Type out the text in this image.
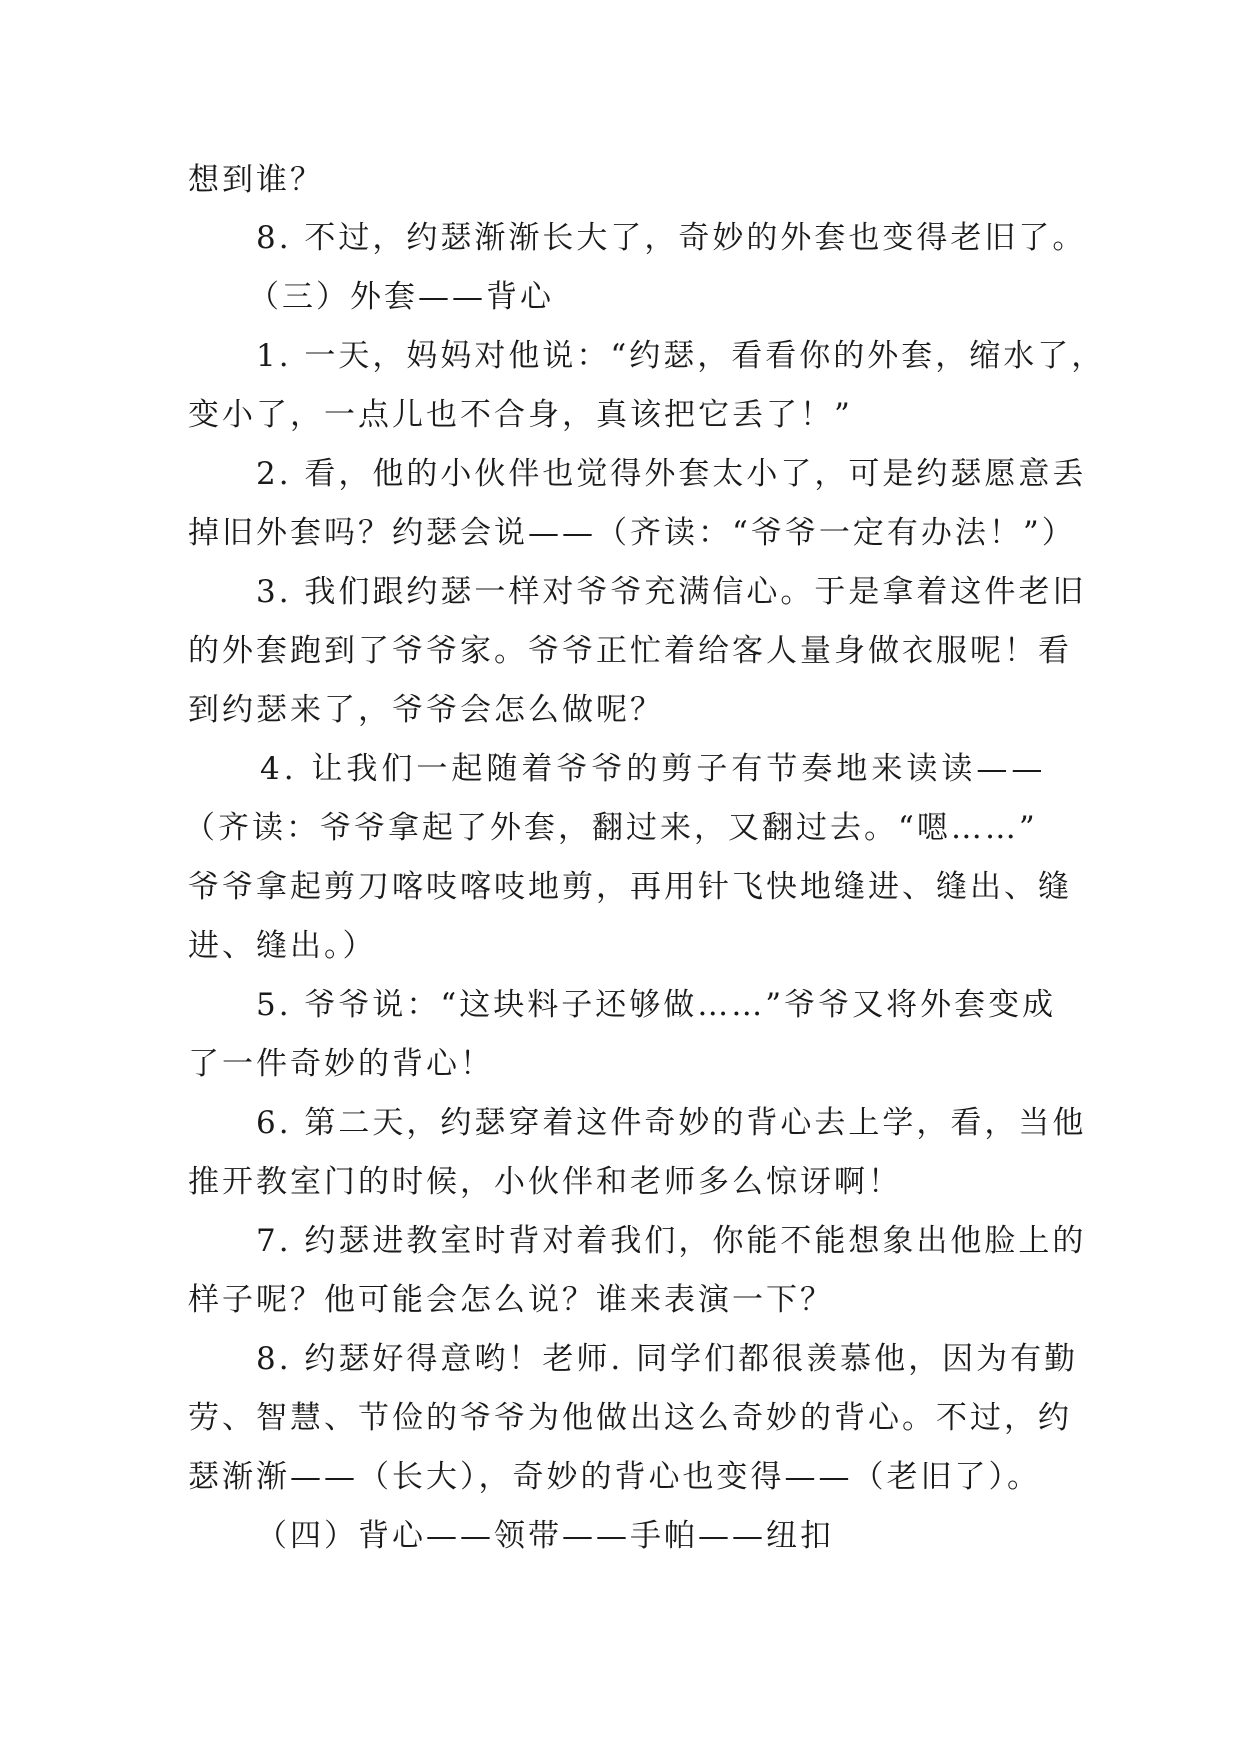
想到谁？
8. 不过，约瑟渐渐长大了，奇妙的外套也变得老旧了。
（三）外套——背心
1. 一天，妈妈对他说：“约瑟，看看你的外套，缩水了，
变小了，一点儿也不合身，真该把它丢了！”
2. 看，他的小伙伴也觉得外套太小了，可是约瑟愿意丢
掉旧外套吗？约瑟会说——（齐读：“爷爷一定有办法！”）
3. 我们跟约瑟一样对爷爷充满信心。于是拿着这件老旧
的外套跑到了爷爷家。爷爷正忙着给客人量身做衣服呢！看
到约瑟来了，爷爷会怎么做呢？
4. 让我们一起随着爷爷的剪子有节奏地来读读——
（齐读：爷爷拿起了外套，翻过来，又翻过去。“嗯……”
爷爷拿起剪刀喀吱喀吱地剪，再用针飞快地缝进、缝出、缝
进、缝出。）
5. 爷爷说：“这块料子还够做……”爷爷又将外套变成
了一件奇妙的背心！
6. 第二天，约瑟穿着这件奇妙的背心去上学，看，当他
推开教室门的时候，小伙伴和老师多么惊讶啊！
7. 约瑟进教室时背对着我们，你能不能想象出他脸上的
样子呢？他可能会怎么说？谁来表演一下？
8. 约瑟好得意哟！老师. 同学们都很羡慕他，因为有勤
劳、智慧、节俭的爷爷为他做出这么奇妙的背心。不过，约
瑟渐渐——（长大），奇妙的背心也变得——（老旧了）。
（四）背心——领带——手帕——纽扣
